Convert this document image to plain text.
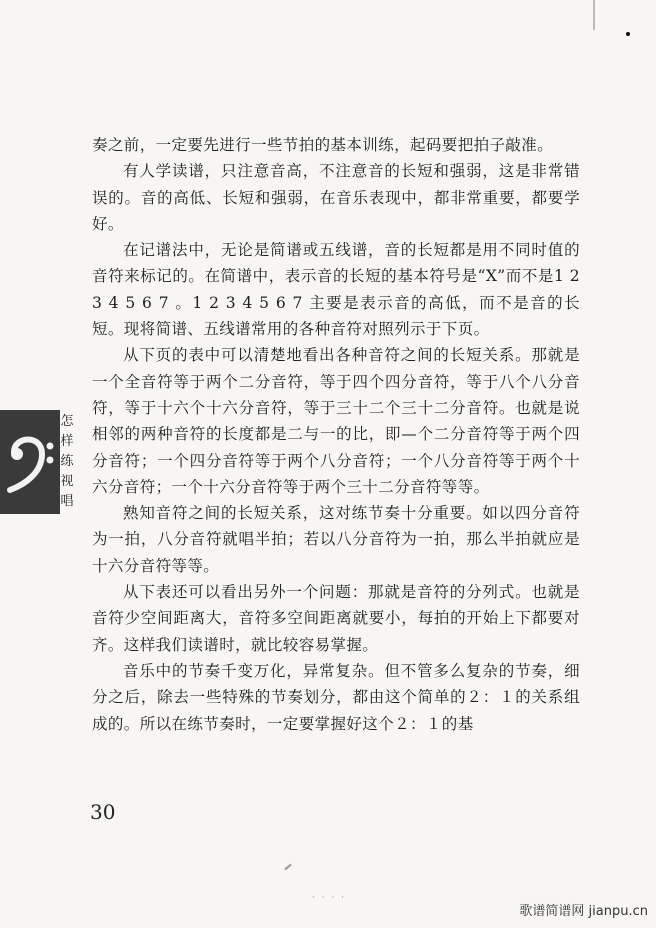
奏之前，一定要先进行一些节拍的基本训练，起码要把拍子敲准。

有人学读谱，只注意音高，不注意音的长短和强弱，这是非常错误的。音的高低、长短和强弱，在音乐表现中，都非常重要，都要学好。

在记谱法中，无论是简谱或五线谱，音的长短都是用不同时值的音符来标记的。在简谱中，表示音的长短的基本符号是“X”而不是1 2 3 4 5 6 7 。1 2 3 4 5 6 7 主要是表示音的高低，而不是音的长短。现将简谱、五线谱常用的各种音符对照列示于下页。

从下页的表中可以清楚地看出各种音符之间的长短关系。那就是一个全音符等于两个二分音符，等于四个四分音符，等于八个八分音符，等于十六个十六分音符，等于三十二个三十二分音符。也就是说相邻的两种音符的长度都是二与一的比，即—个二分音符等于两个四分音符；一个四分音符等于两个八分音符；一个八分音符等于两个十六分音符；一个十六分音符等于两个三十二分音符等等。

熟知音符之间的长短关系，这对练节奏十分重要。如以四分音符为一拍，八分音符就唱半拍；若以八分音符为一拍，那么半拍就应是十六分音符等等。

从下表还可以看出另外一个问题：那就是音符的分列式。也就是音符少空间距离大，音符多空间距离就要小，每拍的开始上下都要对齐。这样我们读谱时，就比较容易掌握。

音乐中的节奏千变万化，异常复杂。但不管多么复杂的节奏，细分之后，除去一些特殊的节奏划分，都由这个简单的２：１的关系组成的。所以在练节奏时，一定要掌握好这个２：１的基

怎样练视唱
30
· · · ·
歌谱简谱网 jianpu.cn
